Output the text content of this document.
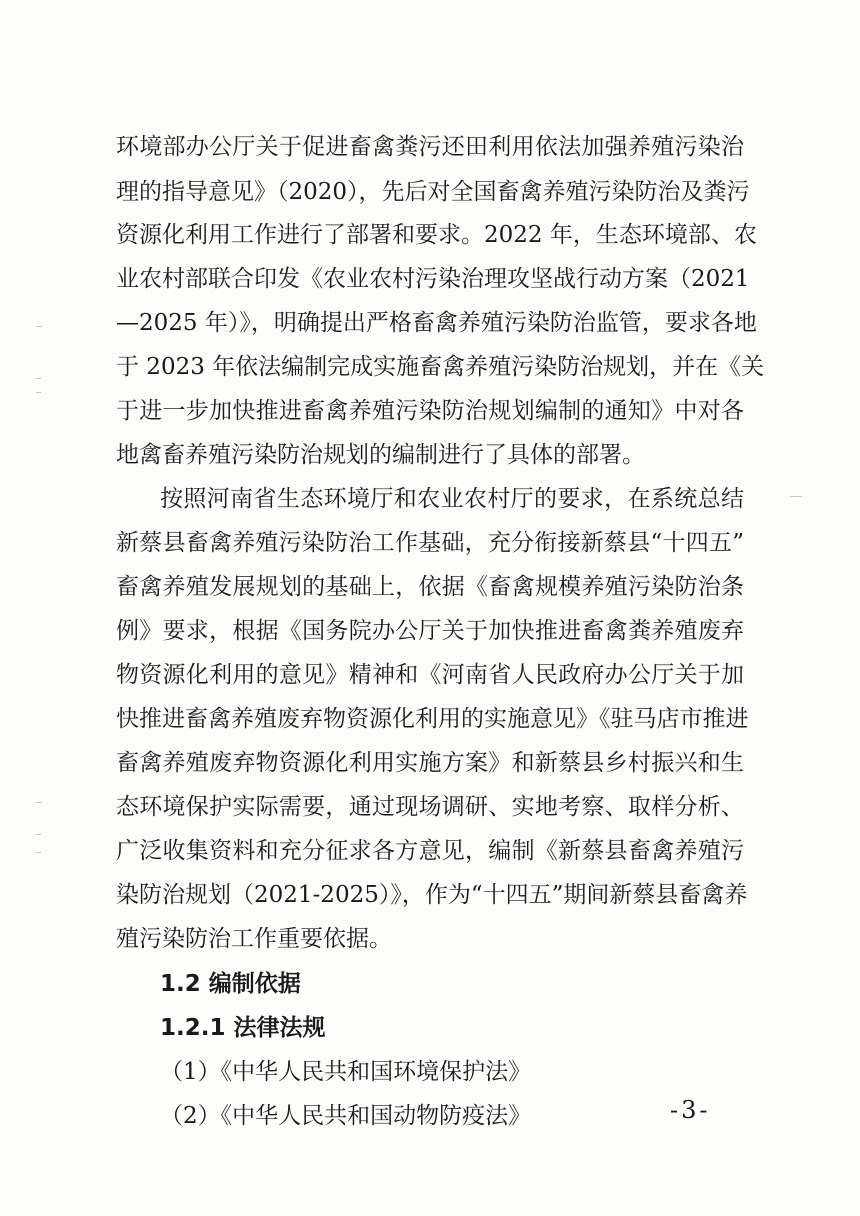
环境部办公厅关于促进畜禽粪污还田利用依法加强养殖污染治
理的指导意见》（2020），先后对全国畜禽养殖污染防治及粪污
资源化利用工作进行了部署和要求。2022 年，生态环境部、农
业农村部联合印发《农业农村污染治理攻坚战行动方案（2021
—2025 年）》，明确提出严格畜禽养殖污染防治监管，要求各地
于 2023 年依法编制完成实施畜禽养殖污染防治规划，并在《关
于进一步加快推进畜禽养殖污染防治规划编制的通知》中对各
地禽畜养殖污染防治规划的编制进行了具体的部署。
按照河南省生态环境厅和农业农村厅的要求，在系统总结
新蔡县畜禽养殖污染防治工作基础，充分衔接新蔡县“十四五”
畜禽养殖发展规划的基础上，依据《畜禽规模养殖污染防治条
例》要求，根据《国务院办公厅关于加快推进畜禽粪养殖废弃
物资源化利用的意见》精神和《河南省人民政府办公厅关于加
快推进畜禽养殖废弃物资源化利用的实施意见》《驻马店市推进
畜禽养殖废弃物资源化利用实施方案》和新蔡县乡村振兴和生
态环境保护实际需要，通过现场调研、实地考察、取样分析、
广泛收集资料和充分征求各方意见，编制《新蔡县畜禽养殖污
染防治规划（2021-2025）》，作为“十四五”期间新蔡县畜禽养
殖污染防治工作重要依据。
1.2 编制依据
1.2.1 法律法规
（1）《中华人民共和国环境保护法》
（2）《中华人民共和国动物防疫法》	-3-
